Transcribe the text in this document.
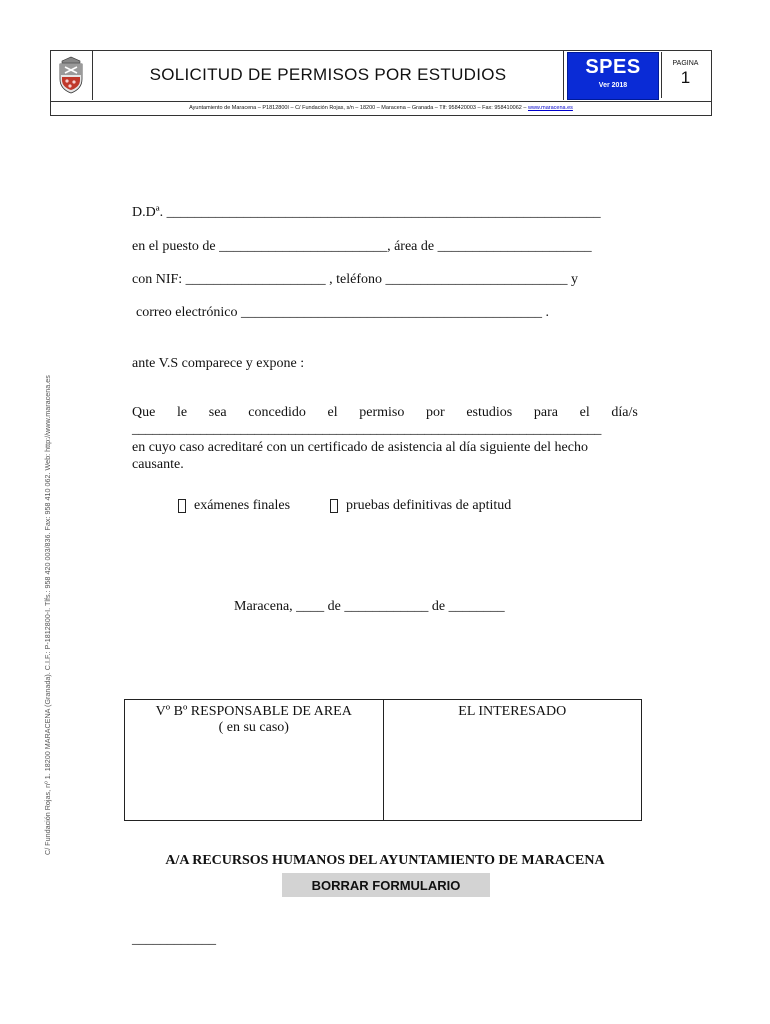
SOLICITUD DE PERMISOS POR ESTUDIOS	SPES
Ver 2018
PAGINA
1
Ayuntamiento de Maracena – P1812800I – C/ Fundación Rojas, s/n – 18200 – Maracena – Granada – Tlf: 958420003 – Fax: 958410062 – www.maracena.es
C/ Fundación Rojas, nº 1. 18200 MARACENA (Granada). C.I.F.: P-1812800-I. Tlfs.: 958 420 003/836. Fax: 958 410 062. Web: http://www.maracena.es
D.Dª. ______________________________________________________________
en el puesto de ________________________, área de ______________________
con NIF: ____________________ , teléfono __________________________ y
correo electrónico ___________________________________________ .
ante V.S comparece y expone :
Que le sea concedido el permiso por estudios para el día/s
_____________________________________________________________________
en cuyo caso acreditaré con un certificado de asistencia al día siguiente del hecho
causante.
exámenes finales	pruebas definitivas de aptitud
Maracena, ____ de ____________ de ________
Vº Bº RESPONSABLE DE AREA
( en su caso)
EL INTERESADO
A/A RECURSOS HUMANOS DEL AYUNTAMIENTO DE MARACENA
BORRAR FORMULARIO
____________
